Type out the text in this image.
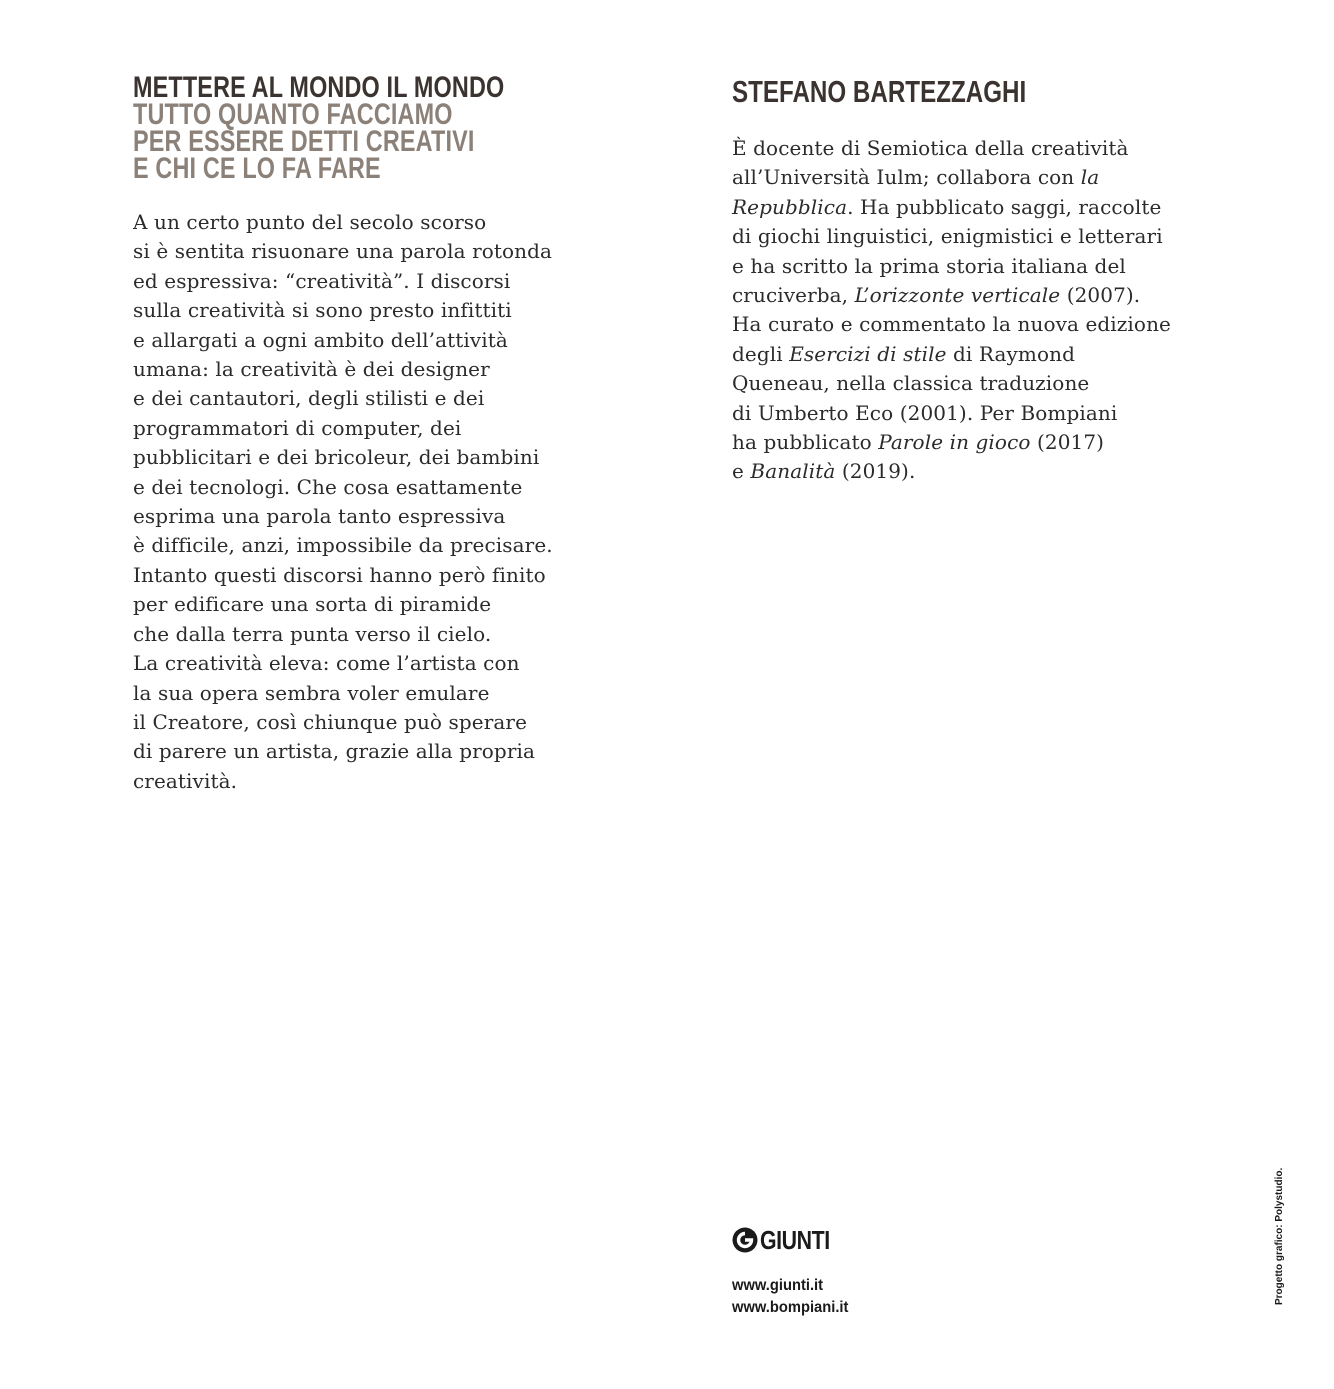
METTERE AL MONDO IL MONDO
TUTTO QUANTO FACCIAMO
PER ESSERE DETTI CREATIVI
E CHI CE LO FA FARE
A un certo punto del secolo scorso
si è sentita risuonare una parola rotonda
ed espressiva: “creatività”. I discorsi
sulla creatività si sono presto infittiti
e allargati a ogni ambito dell’attività
umana: la creatività è dei designer
e dei cantautori, degli stilisti e dei
programmatori di computer, dei
pubblicitari e dei bricoleur, dei bambini
e dei tecnologi. Che cosa esattamente
esprima una parola tanto espressiva
è difficile, anzi, impossibile da precisare.
Intanto questi discorsi hanno però finito
per edificare una sorta di piramide
che dalla terra punta verso il cielo.
La creatività eleva: come l’artista con
la sua opera sembra voler emulare
il Creatore, così chiunque può sperare
di parere un artista, grazie alla propria
creatività.
STEFANO BARTEZZAGHI
È docente di Semiotica della creatività
all’Università Iulm; collabora con la
Repubblica. Ha pubblicato saggi, raccolte
di giochi linguistici, enigmistici e letterari
e ha scritto la prima storia italiana del
cruciverba, L’orizzonte verticale (2007).
Ha curato e commentato la nuova edizione
degli Esercizi di stile di Raymond
Queneau, nella classica traduzione
di Umberto Eco (2001). Per Bompiani
ha pubblicato Parole in gioco (2017)
e Banalità (2019).
GIUNTI
www.giunti.it
www.bompiani.it
Progetto grafico: Polystudio.
